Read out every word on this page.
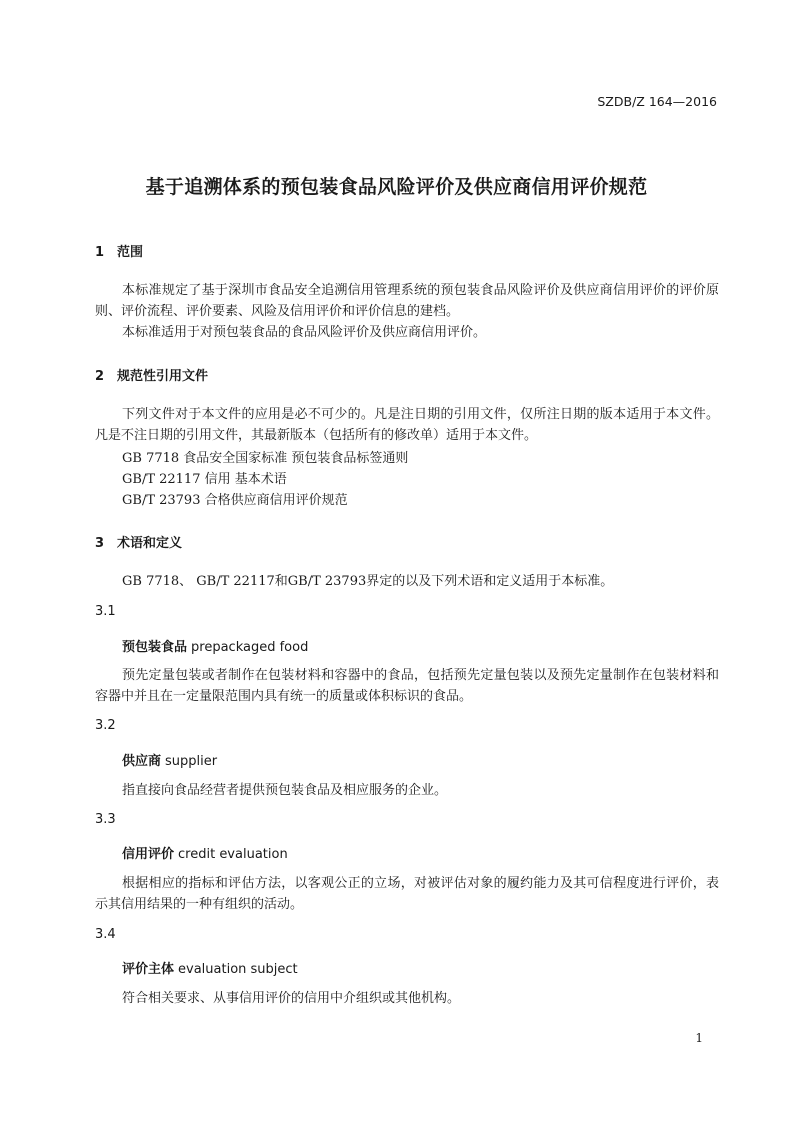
SZDB/Z 164—2016
基于追溯体系的预包装食品风险评价及供应商信用评价规范
1 范围
本标准规定了基于深圳市食品安全追溯信用管理系统的预包装食品风险评价及供应商信用评价的评价原则、评价流程、评价要素、风险及信用评价和评价信息的建档。
本标准适用于对预包装食品的食品风险评价及供应商信用评价。
2 规范性引用文件
下列文件对于本文件的应用是必不可少的。凡是注日期的引用文件，仅所注日期的版本适用于本文件。凡是不注日期的引用文件，其最新版本（包括所有的修改单）适用于本文件。
GB 7718 食品安全国家标准 预包装食品标签通则
GB/T 22117 信用 基本术语
GB/T 23793 合格供应商信用评价规范
3 术语和定义
GB 7718、 GB/T 22117和GB/T 23793界定的以及下列术语和定义适用于本标准。
3.1
预包装食品 prepackaged food
预先定量包装或者制作在包装材料和容器中的食品，包括预先定量包装以及预先定量制作在包装材料和容器中并且在一定量限范围内具有统一的质量或体积标识的食品。
3.2
供应商 supplier
指直接向食品经营者提供预包装食品及相应服务的企业。
3.3
信用评价 credit evaluation
根据相应的指标和评估方法，以客观公正的立场，对被评估对象的履约能力及其可信程度进行评价，表示其信用结果的一种有组织的活动。
3.4
评价主体 evaluation subject
符合相关要求、从事信用评价的信用中介组织或其他机构。
1
